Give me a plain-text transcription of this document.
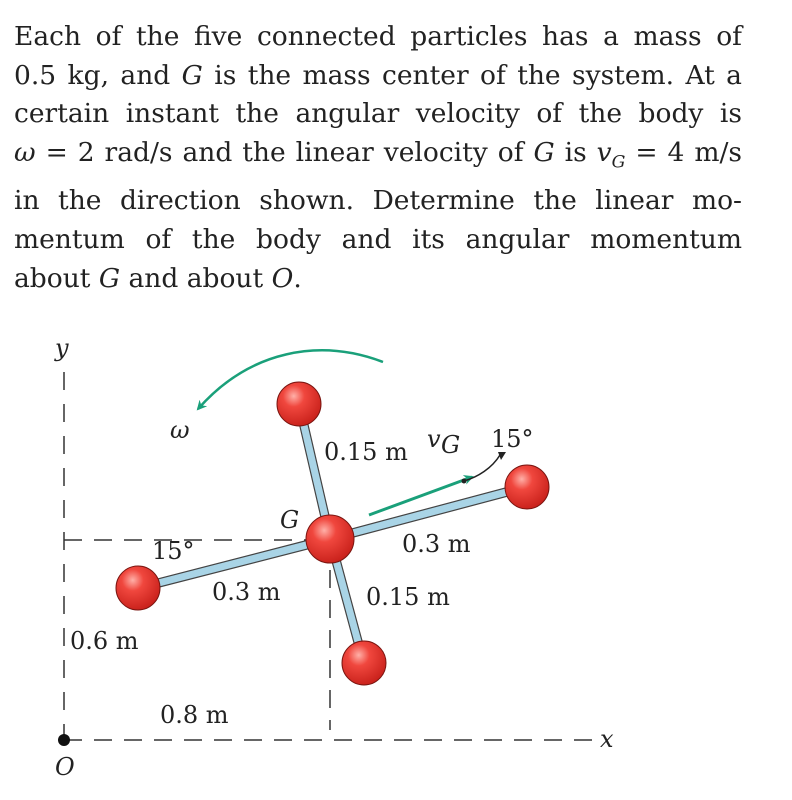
Each of the five connected particles has a mass of
0.5 kg, and G is the mass center of the system. At a
certain instant the angular velocity of the body is
ω = 2 rad/s and the linear velocity of G is $v_G = 4$ m/s
in the direction shown. Determine the linear mo-
mentum of the body and its angular momentum
about G and about O.
y
x
O
G
ω
0.15 m v G 15°
0.3 m
15°
0.3 m	0.15 m
0.6 m
0.8 m
